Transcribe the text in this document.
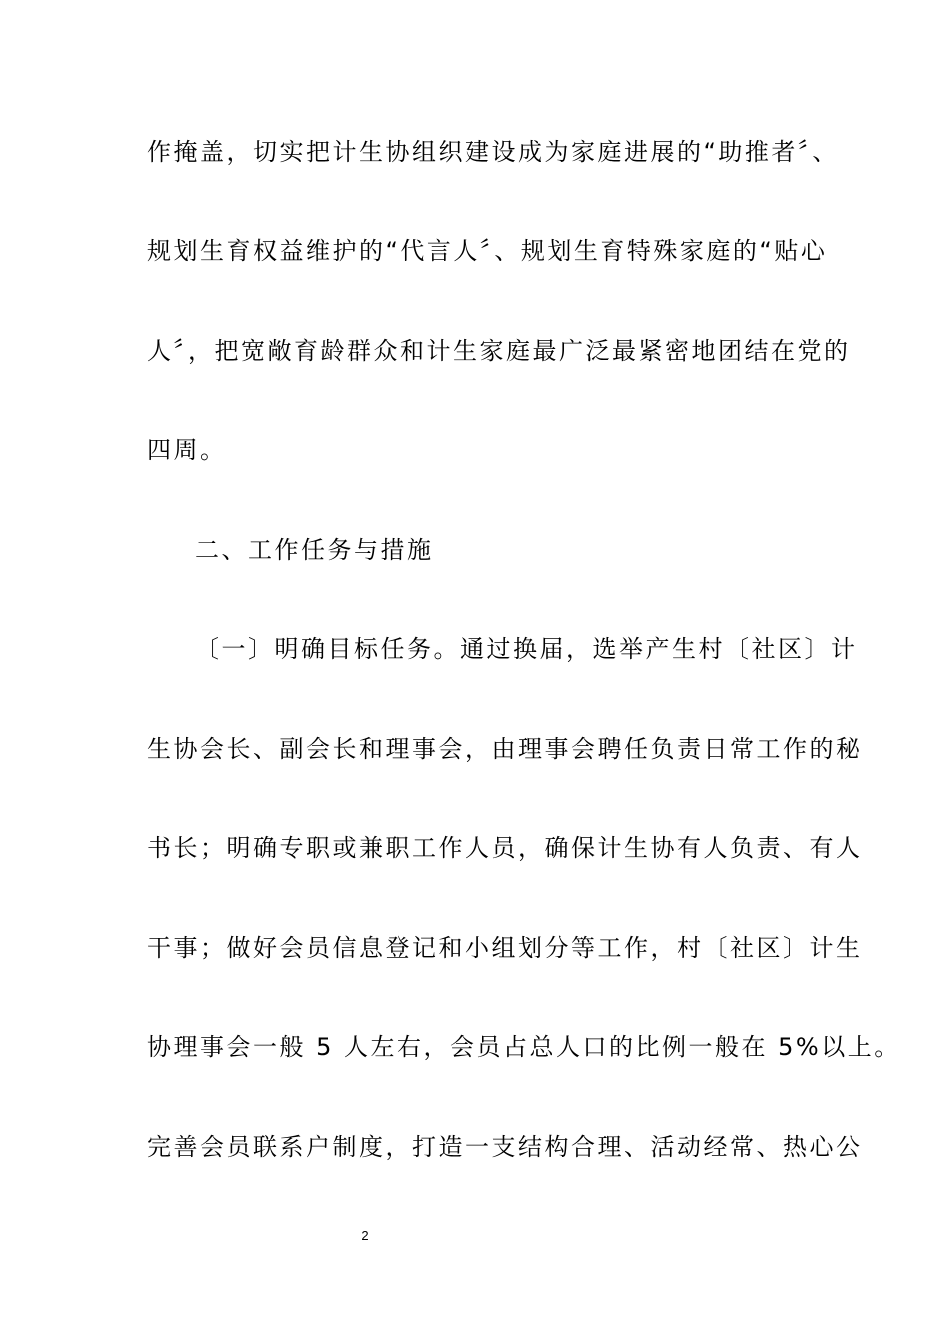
作掩盖，切实把计生协组织建设成为家庭进展的“助推者〞、
规划生育权益维护的“代言人〞、规划生育特殊家庭的“贴心
人〞，把宽敞育龄群众和计生家庭最广泛最紧密地团结在党的
四周。
二、工作任务与措施
〔一〕明确目标任务。通过换届，选举产生村〔社区〕计
生协会长、副会长和理事会，由理事会聘任负责日常工作的秘
书长；明确专职或兼职工作人员，确保计生协有人负责、有人
干事；做好会员信息登记和小组划分等工作，村〔社区〕计生
协理事会一般 5 人左右，会员占总人口的比例一般在 5%以上。
完善会员联系户制度，打造一支结构合理、活动经常、热心公
2
